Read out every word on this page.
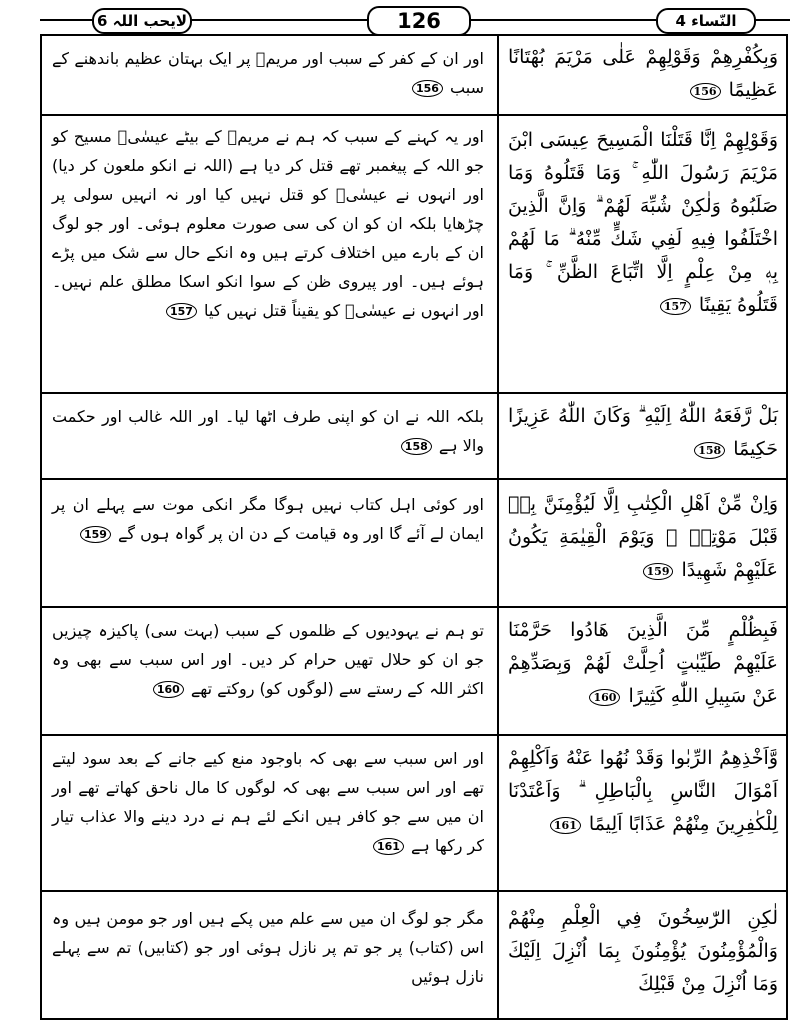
لایحب اللہ 6	126	النّساء 4

وَبِكُفْرِهِمْ وَقَوْلِهِمْ عَلٰى مَرْيَمَ بُهْتَانًا عَظِيمًا 156

اور ان کے کفر کے سبب اور مریمؑ پر ایک بہتان عظیم باندھنے کے سبب 156

وَقَوْلِهِمْ اِنَّا قَتَلْنَا الْمَسِيحَ عِيسَى ابْنَ مَرْيَمَ رَسُولَ اللّٰهِ ۚ وَمَا قَتَلُوهُ وَمَا صَلَبُوهُ وَلٰكِنْ شُبِّهَ لَهُمْ ۗ وَاِنَّ الَّذِينَ اخْتَلَفُوا فِيهِ لَفِي شَكٍّ مِّنْهُ ۗ مَا لَهُمْ بِهٖ مِنْ عِلْمٍ اِلَّا اتِّبَاعَ الظَّنِّ ۚ وَمَا قَتَلُوهُ يَقِينًا 157

اور یہ کہنے کے سبب کہ ہم نے مریمؑ کے بیٹے عیسٰیؑ مسیح کو جو اللہ کے پیغمبر تھے قتل کر دیا ہے (اللہ نے انکو ملعون کر دیا) اور انہوں نے عیسٰیؑ کو قتل نہیں کیا اور نہ انہیں سولی پر چڑھایا بلکہ ان کو ان کی سی صورت معلوم ہوئی۔ اور جو لوگ ان کے بارے میں اختلاف کرتے ہیں وہ انکے حال سے شک میں پڑے ہوئے ہیں۔ اور پیروی ظن کے سوا انکو اسکا مطلق علم نہیں۔ اور انہوں نے عیسٰیؑ کو یقیناً قتل نہیں کیا 157

بَلْ رَّفَعَهُ اللّٰهُ اِلَيْهِ ۗ وَكَانَ اللّٰهُ عَزِيزًا حَكِيمًا 158

بلکہ اللہ نے ان کو اپنی طرف اٹھا لیا۔ اور اللہ غالب اور حکمت والا ہے 158

وَاِنْ مِّنْ اَهْلِ الْكِتٰبِ اِلَّا لَيُؤْمِنَنَّ بِهٖ قَبْلَ مَوْتِهٖ ۚ وَيَوْمَ الْقِيٰمَةِ يَكُونُ عَلَيْهِمْ شَهِيدًا 159

اور کوئی اہل کتاب نہیں ہوگا مگر انکی موت سے پہلے ان پر ایمان لے آئے گا اور وہ قیامت کے دن ان پر گواہ ہوں گے 159

فَبِظُلْمٍ مِّنَ الَّذِينَ هَادُوا حَرَّمْنَا عَلَيْهِمْ طَيِّبٰتٍ اُحِلَّتْ لَهُمْ وَبِصَدِّهِمْ عَنْ سَبِيلِ اللّٰهِ كَثِيرًا 160

تو ہم نے یہودیوں کے ظلموں کے سبب (بہت سی) پاکیزہ چیزیں جو ان کو حلال تھیں حرام کر دیں۔ اور اس سبب سے بھی وہ اکثر اللہ کے رستے سے (لوگوں کو) روکتے تھے 160

وَّاَخْذِهِمُ الرِّبٰوا وَقَدْ نُهُوا عَنْهُ وَاَكْلِهِمْ اَمْوَالَ النَّاسِ بِالْبَاطِلِ ۗ وَاَعْتَدْنَا لِلْكٰفِرِينَ مِنْهُمْ عَذَابًا اَلِيمًا 161

اور اس سبب سے بھی کہ باوجود منع کیے جانے کے بعد سود لیتے تھے اور اس سبب سے بھی کہ لوگوں کا مال ناحق کھاتے تھے اور ان میں سے جو کافر ہیں انکے لئے ہم نے درد دینے والا عذاب تیار کر رکھا ہے 161

لٰكِنِ الرّٰسِخُونَ فِي الْعِلْمِ مِنْهُمْ وَالْمُؤْمِنُونَ يُؤْمِنُونَ بِمَا اُنْزِلَ اِلَيْكَ وَمَا اُنْزِلَ مِنْ قَبْلِكَ

مگر جو لوگ ان میں سے علم میں پکے ہیں اور جو مومن ہیں وہ اس (کتاب) پر جو تم پر نازل ہوئی اور جو (کتابیں) تم سے پہلے نازل ہوئیں
